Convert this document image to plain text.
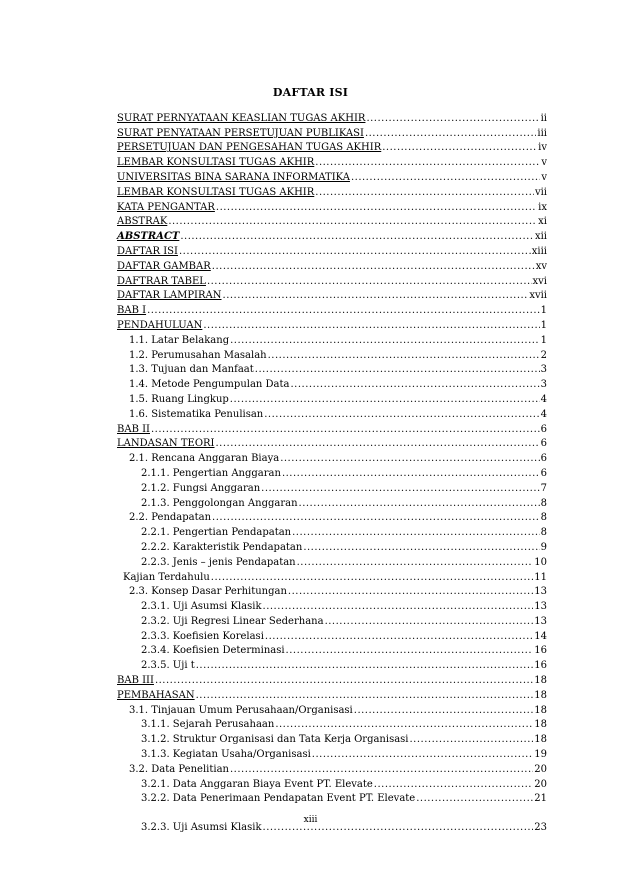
DAFTAR ISI
SURAT PERNYATAAN KEASLIAN TUGAS AKHIR .....	ii
SURAT PENYATAAN PERSETUJUAN PUBLIKASI .....	iii
PERSETUJUAN DAN PENGESAHAN TUGAS AKHIR .....	iv
LEMBAR KONSULTASI TUGAS AKHIR .....	v
UNIVERSITAS BINA SARANA INFORMATIKA .....	v
LEMBAR KONSULTASI TUGAS AKHIR .....	vii
KATA PENGANTAR .....	ix
ABSTRAK .....	xi
ABSTRACT .....	xii
DAFTAR ISI .....	xiii
DAFTAR GAMBAR .....	xv
DAFTRAR TABEL .....	xvi
DAFTAR LAMPIRAN .....	xvii
BAB I .....	1
PENDAHULUAN .....	1
1.1. Latar Belakang .....	1
1.2. Perumusahan Masalah .....	2
1.3. Tujuan dan Manfaat .....	3
1.4. Metode Pengumpulan Data .....	3
1.5. Ruang Lingkup .....	4
1.6. Sistematika Penulisan .....	4
BAB II .....	6
LANDASAN TEORI .....	6
2.1. Rencana Anggaran Biaya .....	6
2.1.1. Pengertian Anggaran .....	6
2.1.2. Fungsi Anggaran .....	7
2.1.3. Penggolongan Anggaran .....	8
2.2. Pendapatan .....	8
2.2.1. Pengertian Pendapatan .....	8
2.2.2. Karakteristik Pendapatan .....	9
2.2.3. Jenis – jenis Pendapatan .....	10
Kajian Terdahulu .....	11
2.3. Konsep Dasar Perhitungan .....	13
2.3.1. Uji Asumsi Klasik .....	13
2.3.2. Uji Regresi Linear Sederhana .....	13
2.3.3. Koefisien Korelasi .....	14
2.3.4. Koefisien Determinasi .....	16
2.3.5. Uji t .....	16
BAB III .....	18
PEMBAHASAN .....	18
3.1. Tinjauan Umum Perusahaan/Organisasi .....	18
3.1.1. Sejarah Perusahaan .....	18
3.1.2. Struktur Organisasi dan Tata Kerja Organisasi .....	18
3.1.3. Kegiatan Usaha/Organisasi .....	19
3.2. Data Penelitian .....	20
3.2.1. Data Anggaran Biaya Event PT. Elevate .....	20
3.2.2. Data Penerimaan Pendapatan Event PT. Elevate .....	21
3.2.3. Uji Asumsi Klasik .....	23
xiii
